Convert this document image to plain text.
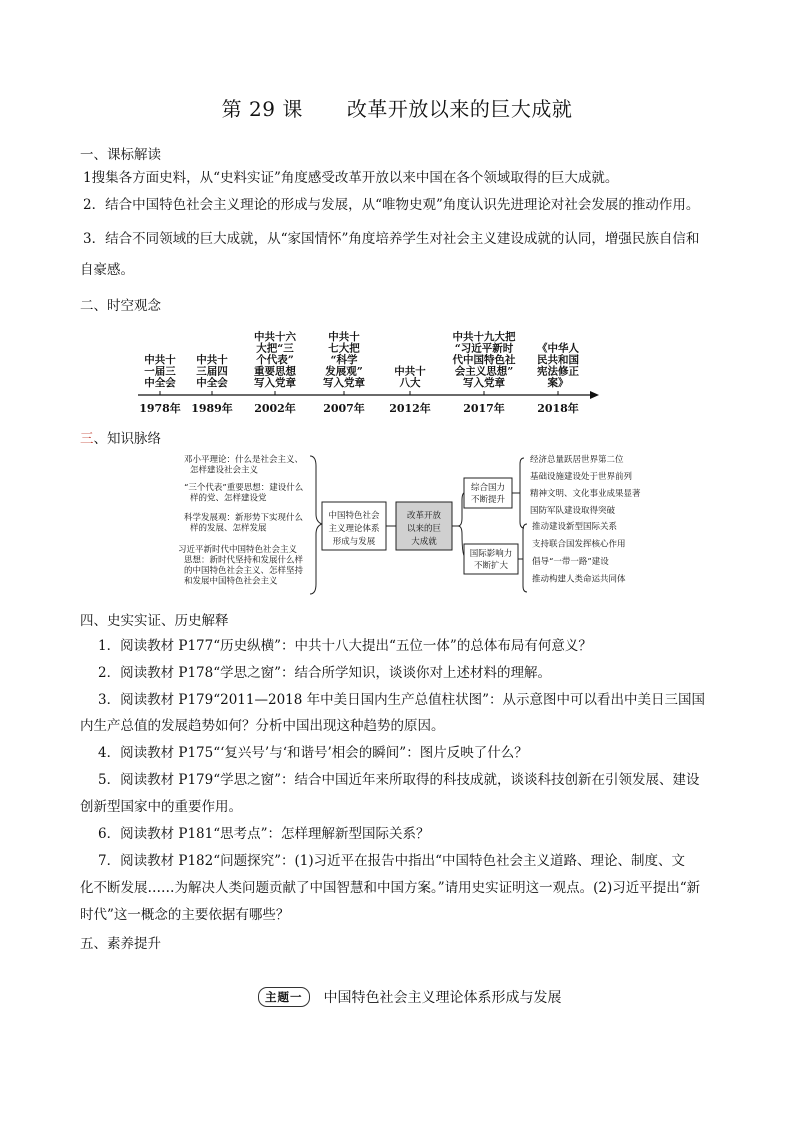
第 29 课 改革开放以来的巨大成就
一、课标解读
1搜集各方面史料，从“史料实证”角度感受改革开放以来中国在各个领域取得的巨大成就。
2．结合中国特色社会主义理论的形成与发展，从“唯物史观”角度认识先进理论对社会发展的推动作用。
3．结合不同领域的巨大成就，从“家国情怀”角度培养学生对社会主义建设成就的认同，增强民族自信和
自豪感。
二、时空观念
中共十
一届三
中全会
1978年
中共十
三届四
中全会
1989年
中共十六
大把“三
个代表”
重要思想
写入党章
2002年
中共十
七大把
“科学
发展观”
写入党章
2007年
中共十
八大
2012年
中共十九大把
“习近平新时
代中国特色社
会主义思想”
写入党章
2017年
《中华人
民共和国
宪法修正
案》
2018年
三、知识脉络
邓小平理论：什么是社会主义、
怎样建设社会主义
“三个代表”重要思想：建设什么
样的党、怎样建设党
科学发展观：新形势下实现什么
样的发展、怎样发展
习近平新时代中国特色社会主义
思想：新时代坚持和发展什么样
的中国特色社会主义、怎样坚持
和发展中国特色社会主义
中国特色社会
主义理论体系
形成与发展
改革开放
以来的巨
大成就
综合国力
不断提升
国际影响力
不断扩大
经济总量跃居世界第二位
基础设施建设处于世界前列
精神文明、文化事业成果显著
国防军队建设取得突破
推动建设新型国际关系
支持联合国发挥核心作用
倡导“一带一路”建设
推动构建人类命运共同体
四、史实实证、历史解释
1．阅读教材 P177“历史纵横”：中共十八大提出“五位一体”的总体布局有何意义？
2．阅读教材 P178“学思之窗”：结合所学知识，谈谈你对上述材料的理解。
3．阅读教材 P179“2011—2018 年中美日国内生产总值柱状图”：从示意图中可以看出中美日三国国
内生产总值的发展趋势如何？分析中国出现这种趋势的原因。
4．阅读教材 P175“‘复兴号’与‘和谐号’相会的瞬间”：图片反映了什么？
5．阅读教材 P179“学思之窗”：结合中国近年来所取得的科技成就，谈谈科技创新在引领发展、建设
创新型国家中的重要作用。
6．阅读教材 P181“思考点”：怎样理解新型国际关系？
7．阅读教材 P182“问题探究”：(1)习近平在报告中指出“中国特色社会主义道路、理论、制度、文
化不断发展……为解决人类问题贡献了中国智慧和中国方案。”请用史实证明这一观点。(2)习近平提出“新
时代”这一概念的主要依据有哪些？
五、素养提升
主题一	中国特色社会主义理论体系形成与发展
